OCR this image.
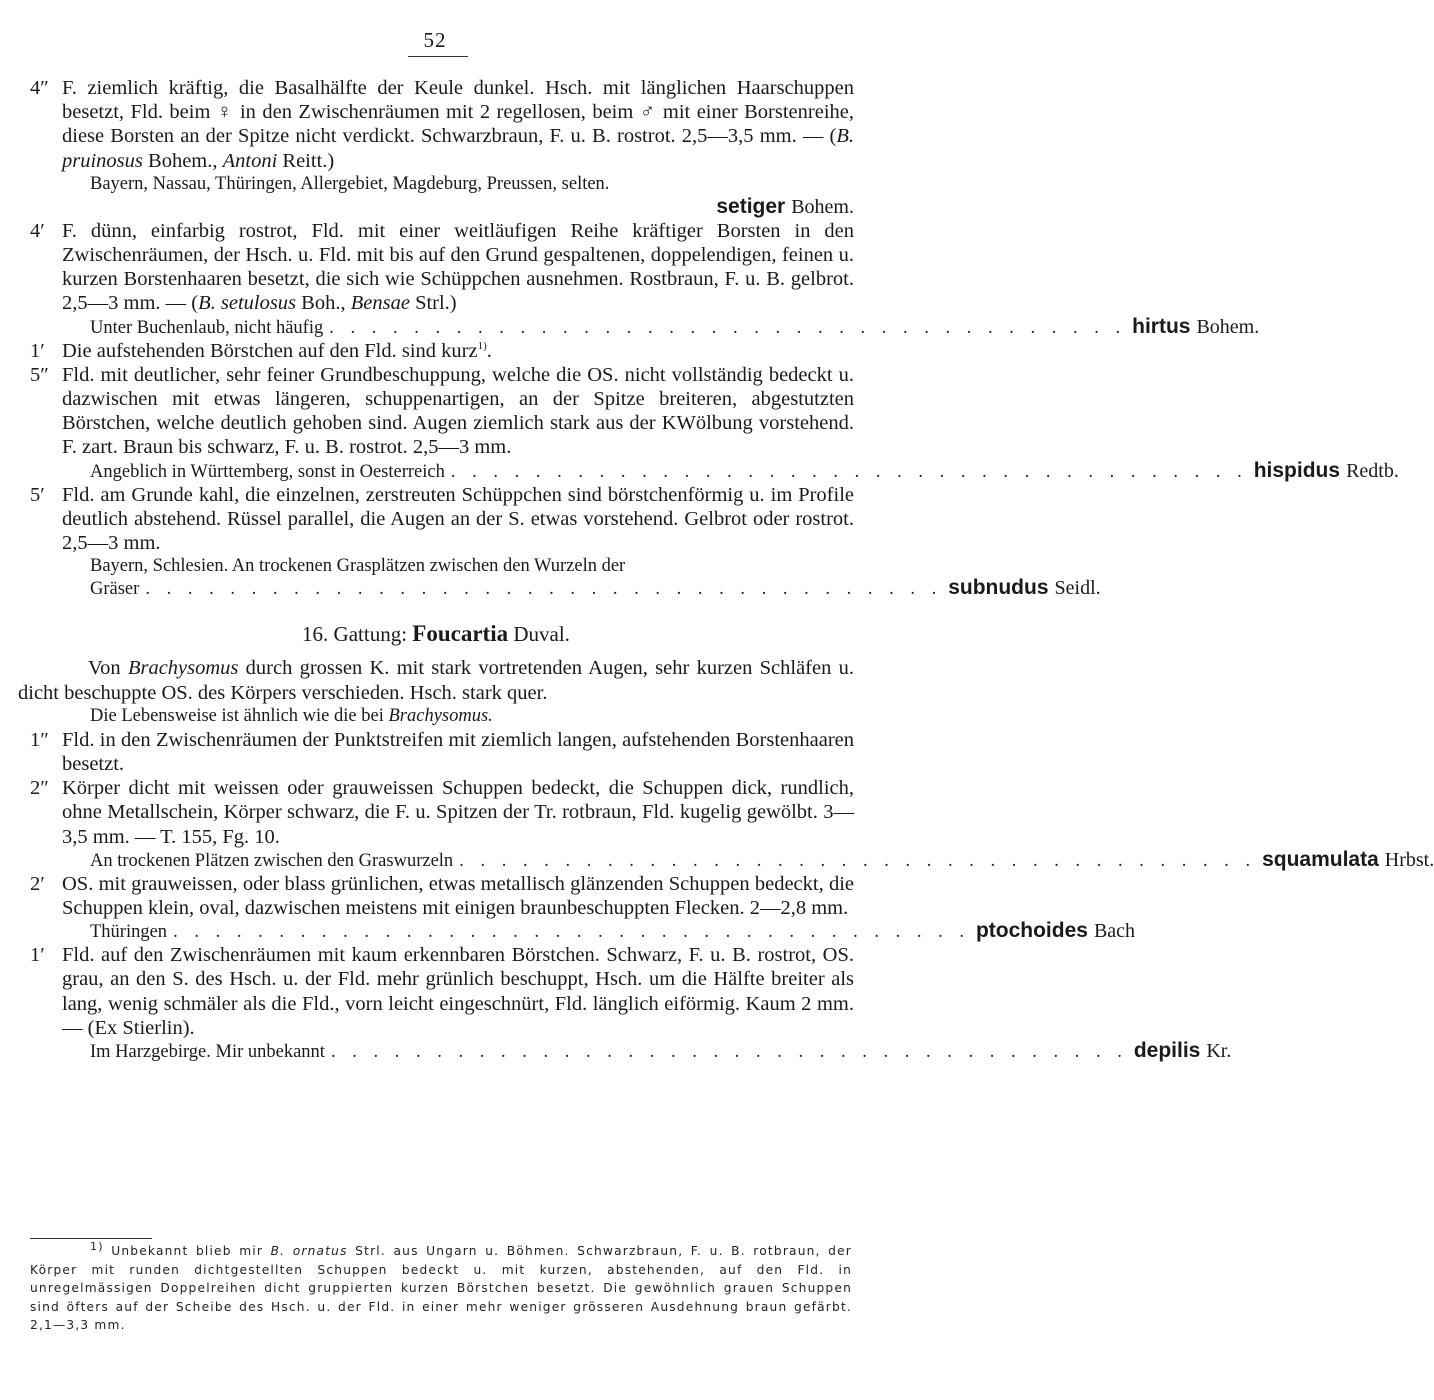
52
4″ F. ziemlich kräftig, die Basalhälfte der Keule dunkel. Hsch. mit länglichen Haarschuppen besetzt, Fld. beim ♀ in den Zwischenräumen mit 2 regellosen, beim ♂ mit einer Borstenreihe, diese Borsten an der Spitze nicht verdickt. Schwarzbraun, F. u. B. rostrot. 2,5—3,5 mm. — (B. pruinosus Bohem., Antoni Reitt.)

Bayern, Nassau, Thüringen, Allergebiet, Magdeburg, Preussen, selten.
setiger Bohem.
4′ F. dünn, einfarbig rostrot, Fld. mit einer weitläufigen Reihe kräftiger Borsten in den Zwischenräumen, der Hsch. u. Fld. mit bis auf den Grund gespaltenen, doppelendigen, feinen u. kurzen Borstenhaaren besetzt, die sich wie Schüppchen ausnehmen. Rostbraun, F. u. B. gelbrot. 2,5—3 mm. — (B. setulosus Boh., Bensae Strl.)

Unter Buchenlaub, nicht häufig . . . . . . . . . . . . . . . . . . . . . . . . . . . . . . . . . . . . . . hirtus Bohem.
1′ Die aufstehenden Börstchen auf den Fld. sind kurz$^{1)}$.

5″ Fld. mit deutlicher, sehr feiner Grundbeschuppung, welche die OS. nicht vollständig bedeckt u. dazwischen mit etwas längeren, schuppenartigen, an der Spitze breiteren, abgestutzten Börstchen, welche deutlich gehoben sind. Augen ziemlich stark aus der KWölbung vorstehend. F. zart. Braun bis schwarz, F. u. B. rostrot. 2,5—3 mm.

Angeblich in Württemberg, sonst in Oesterreich . . . . . . . . . . . . . . . . . . . . . . . . . . . . . . . . . . . . . . hispidus Redtb.
5′ Fld. am Grunde kahl, die einzelnen, zerstreuten Schüppchen sind börstchenförmig u. im Profile deutlich abstehend. Rüssel parallel, die Augen an der S. etwas vorstehend. Gelbrot oder rostrot. 2,5—3 mm.

Bayern, Schlesien. An trockenen Grasplätzen zwischen den Wurzeln der
Gräser . . . . . . . . . . . . . . . . . . . . . . . . . . . . . . . . . . . . . . subnudus Seidl.
16. Gattung: Foucartia Duval.

Von Brachysomus durch grossen K. mit stark vortretenden Augen, sehr kurzen Schläfen u. dicht beschuppte OS. des Körpers verschieden. Hsch. stark quer.

Die Lebensweise ist ähnlich wie die bei Brachysomus.

1″ Fld. in den Zwischenräumen der Punktstreifen mit ziemlich langen, aufstehenden Borstenhaaren besetzt.

2″ Körper dicht mit weissen oder grauweissen Schuppen bedeckt, die Schuppen dick, rundlich, ohne Metallschein, Körper schwarz, die F. u. Spitzen der Tr. rotbraun, Fld. kugelig gewölbt. 3—3,5 mm. — T. 155, Fg. 10.

An trockenen Plätzen zwischen den Graswurzeln . . . . . . . . . . . . . . . . . . . . . . . . . . . . . . . . . . . . . . squamulata Hrbst.
2′ OS. mit grauweissen, oder blass grünlichen, etwas metallisch glänzenden Schuppen bedeckt, die Schuppen klein, oval, dazwischen meistens mit einigen braunbeschuppten Flecken. 2—2,8 mm.

Thüringen . . . . . . . . . . . . . . . . . . . . . . . . . . . . . . . . . . . . . . ptochoides Bach
1′ Fld. auf den Zwischenräumen mit kaum erkennbaren Börstchen. Schwarz, F. u. B. rostrot, OS. grau, an den S. des Hsch. u. der Fld. mehr grünlich beschuppt, Hsch. um die Hälfte breiter als lang, wenig schmäler als die Fld., vorn leicht eingeschnürt, Fld. länglich eiförmig. Kaum 2 mm. — (Ex Stierlin).

Im Harzgebirge. Mir unbekannt . . . . . . . . . . . . . . . . . . . . . . . . . . . . . . . . . . . . . . depilis Kr.

$^{1)}$ Unbekannt blieb mir B. ornatus Strl. aus Ungarn u. Böhmen. Schwarzbraun, F. u. B. rotbraun, der Körper mit runden dichtgestellten Schuppen bedeckt u. mit kurzen, abstehenden, auf den Fld. in unregelmässigen Doppelreihen dicht gruppierten kurzen Börstchen besetzt. Die gewöhnlich grauen Schuppen sind öfters auf der Scheibe des Hsch. u. der Fld. in einer mehr weniger grösseren Ausdehnung braun gefärbt. 2,1—3,3 mm.
